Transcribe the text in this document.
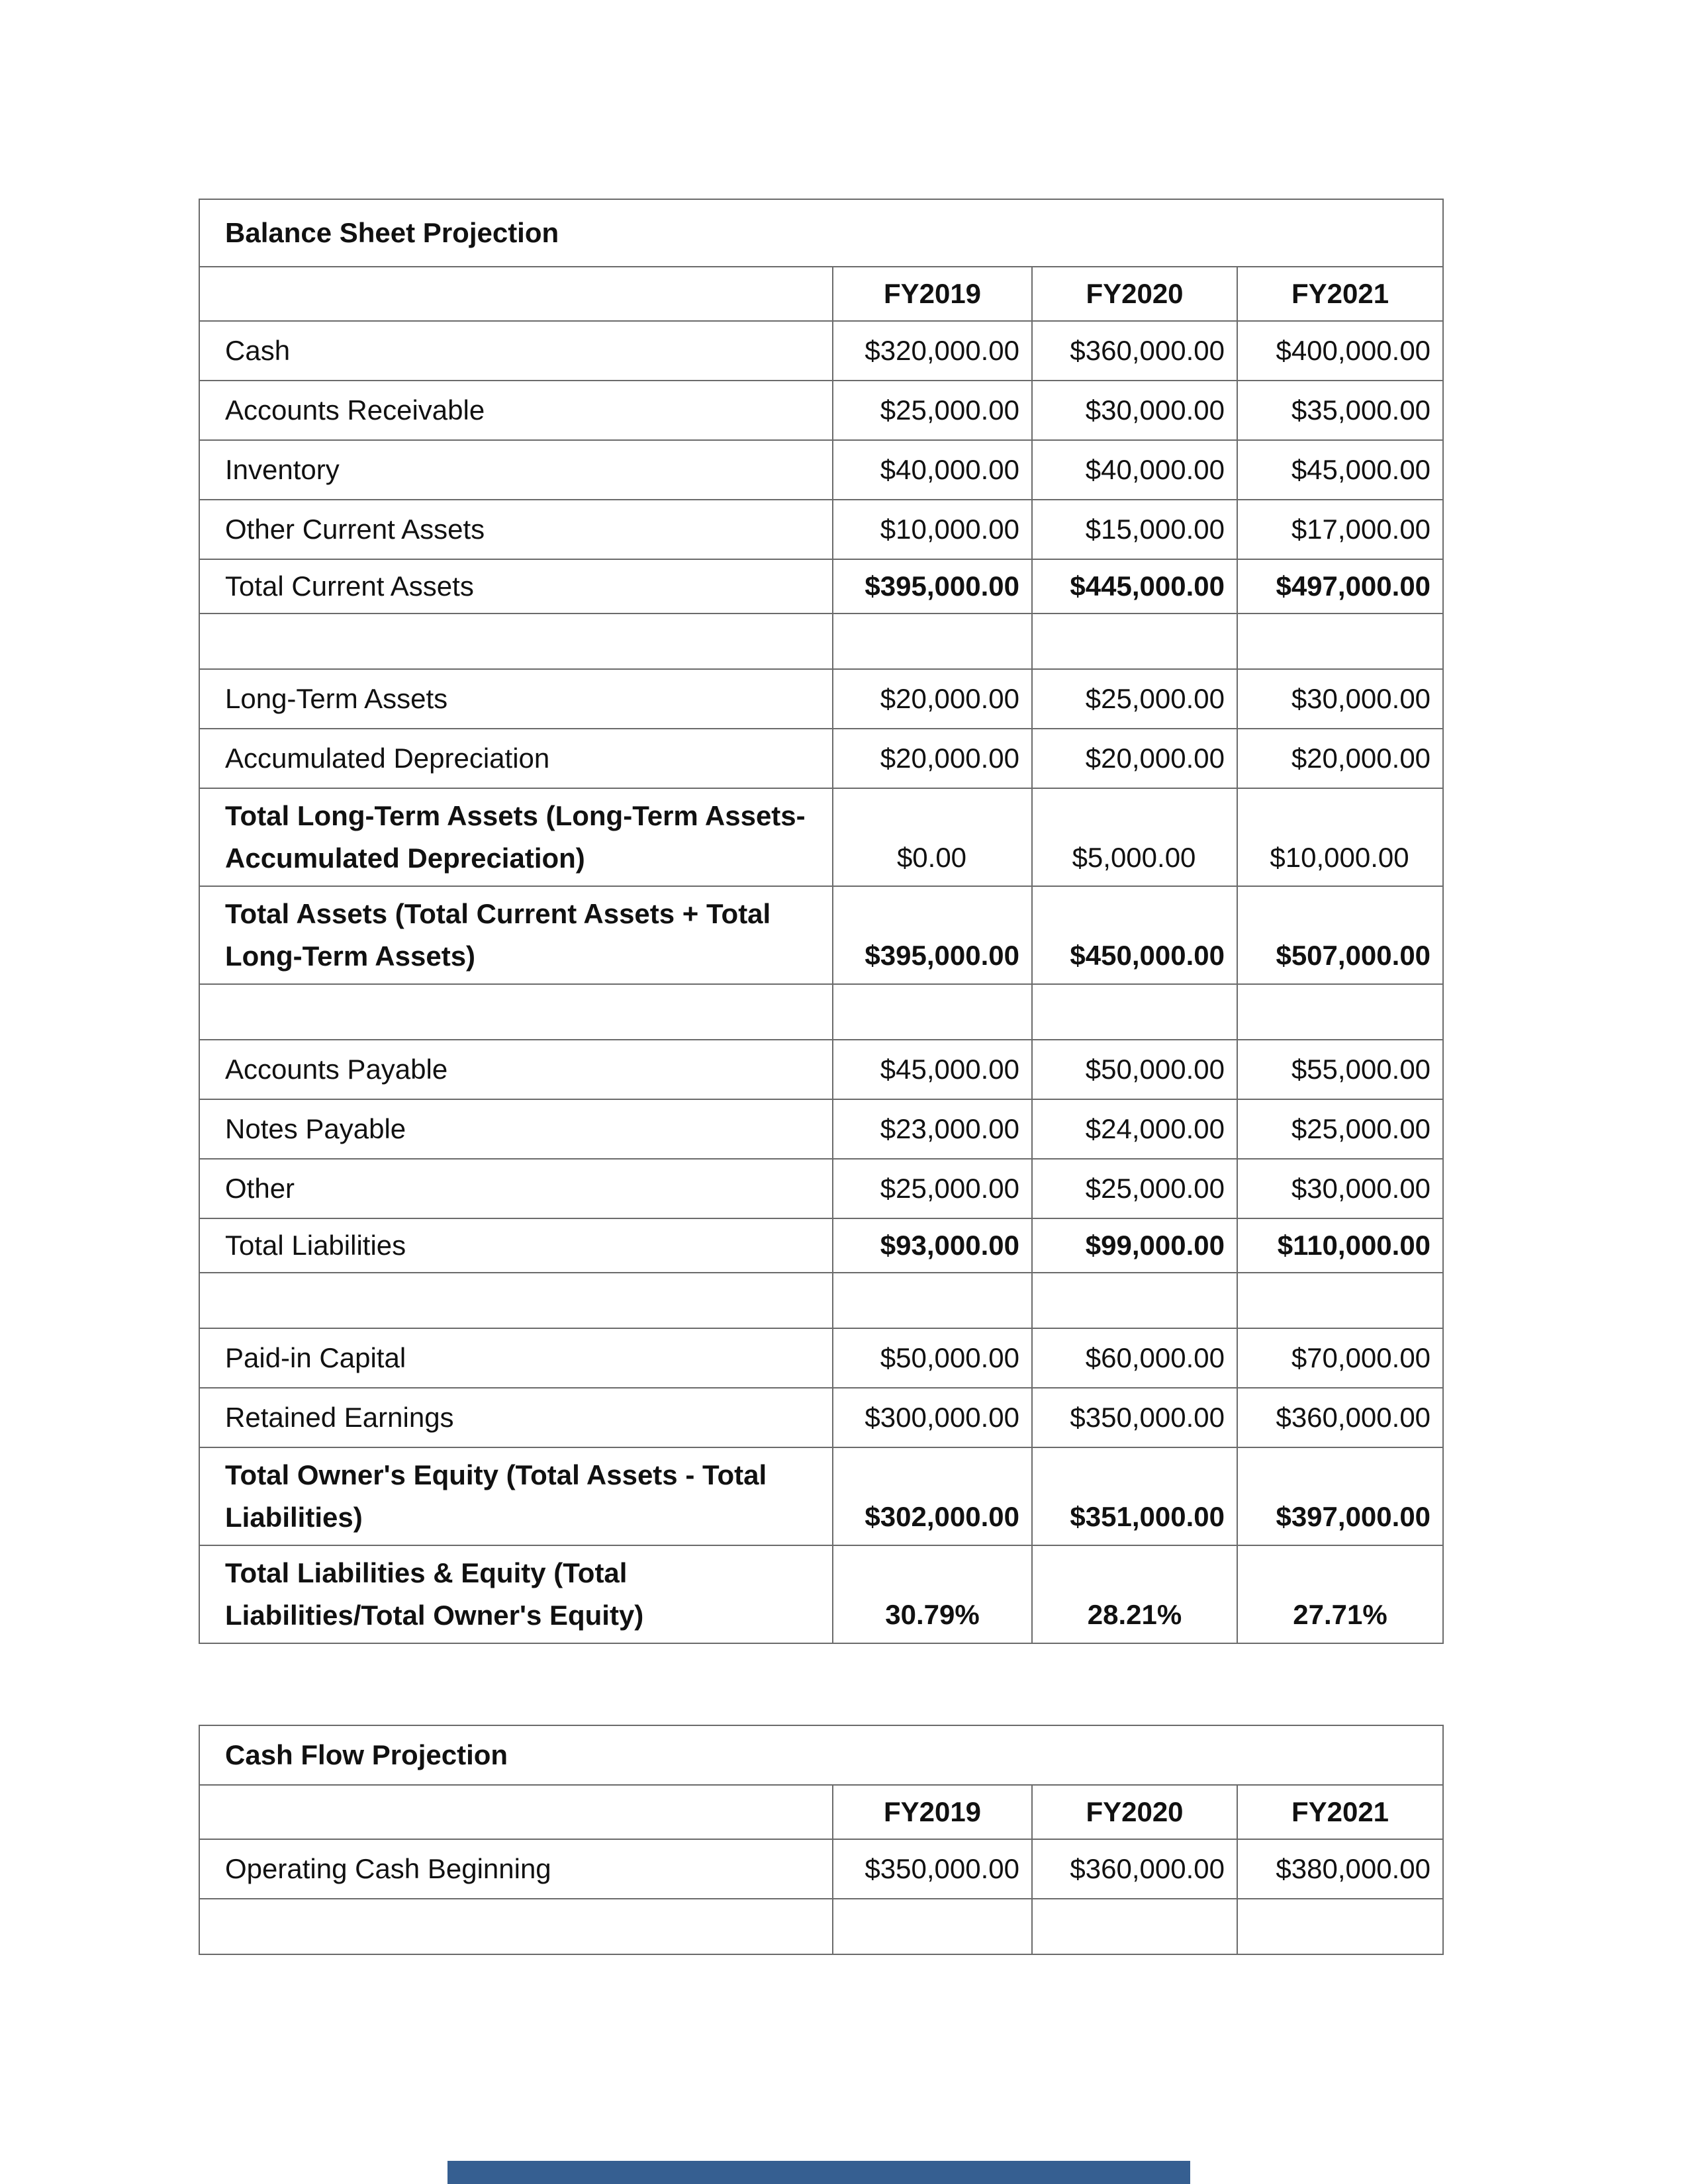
Balance Sheet Projection			
	FY2019	FY2020	FY2021
Cash	$320,000.00	$360,000.00	$400,000.00
Accounts Receivable	$25,000.00	$30,000.00	$35,000.00
Inventory	$40,000.00	$40,000.00	$45,000.00
Other Current Assets	$10,000.00	$15,000.00	$17,000.00
Total Current Assets	$395,000.00	$445,000.00	$497,000.00

Long-Term Assets	$20,000.00	$25,000.00	$30,000.00
Accumulated Depreciation	$20,000.00	$20,000.00	$20,000.00
Total Long-Term Assets (Long-Term Assets- Accumulated Depreciation)	$0.00	$5,000.00	$10,000.00
Total Assets (Total Current Assets + Total Long-Term Assets)	$395,000.00	$450,000.00	$507,000.00

Accounts Payable	$45,000.00	$50,000.00	$55,000.00
Notes Payable	$23,000.00	$24,000.00	$25,000.00
Other	$25,000.00	$25,000.00	$30,000.00
Total Liabilities	$93,000.00	$99,000.00	$110,000.00

Paid-in Capital	$50,000.00	$60,000.00	$70,000.00
Retained Earnings	$300,000.00	$350,000.00	$360,000.00
Total Owner's Equity (Total Assets - Total Liabilities)	$302,000.00	$351,000.00	$397,000.00
Total Liabilities & Equity (Total Liabilities/Total Owner's Equity)	30.79%	28.21%	27.71%
Cash Flow Projection			
	FY2019	FY2020	FY2021
Operating Cash Beginning	$350,000.00	$360,000.00	$380,000.00
